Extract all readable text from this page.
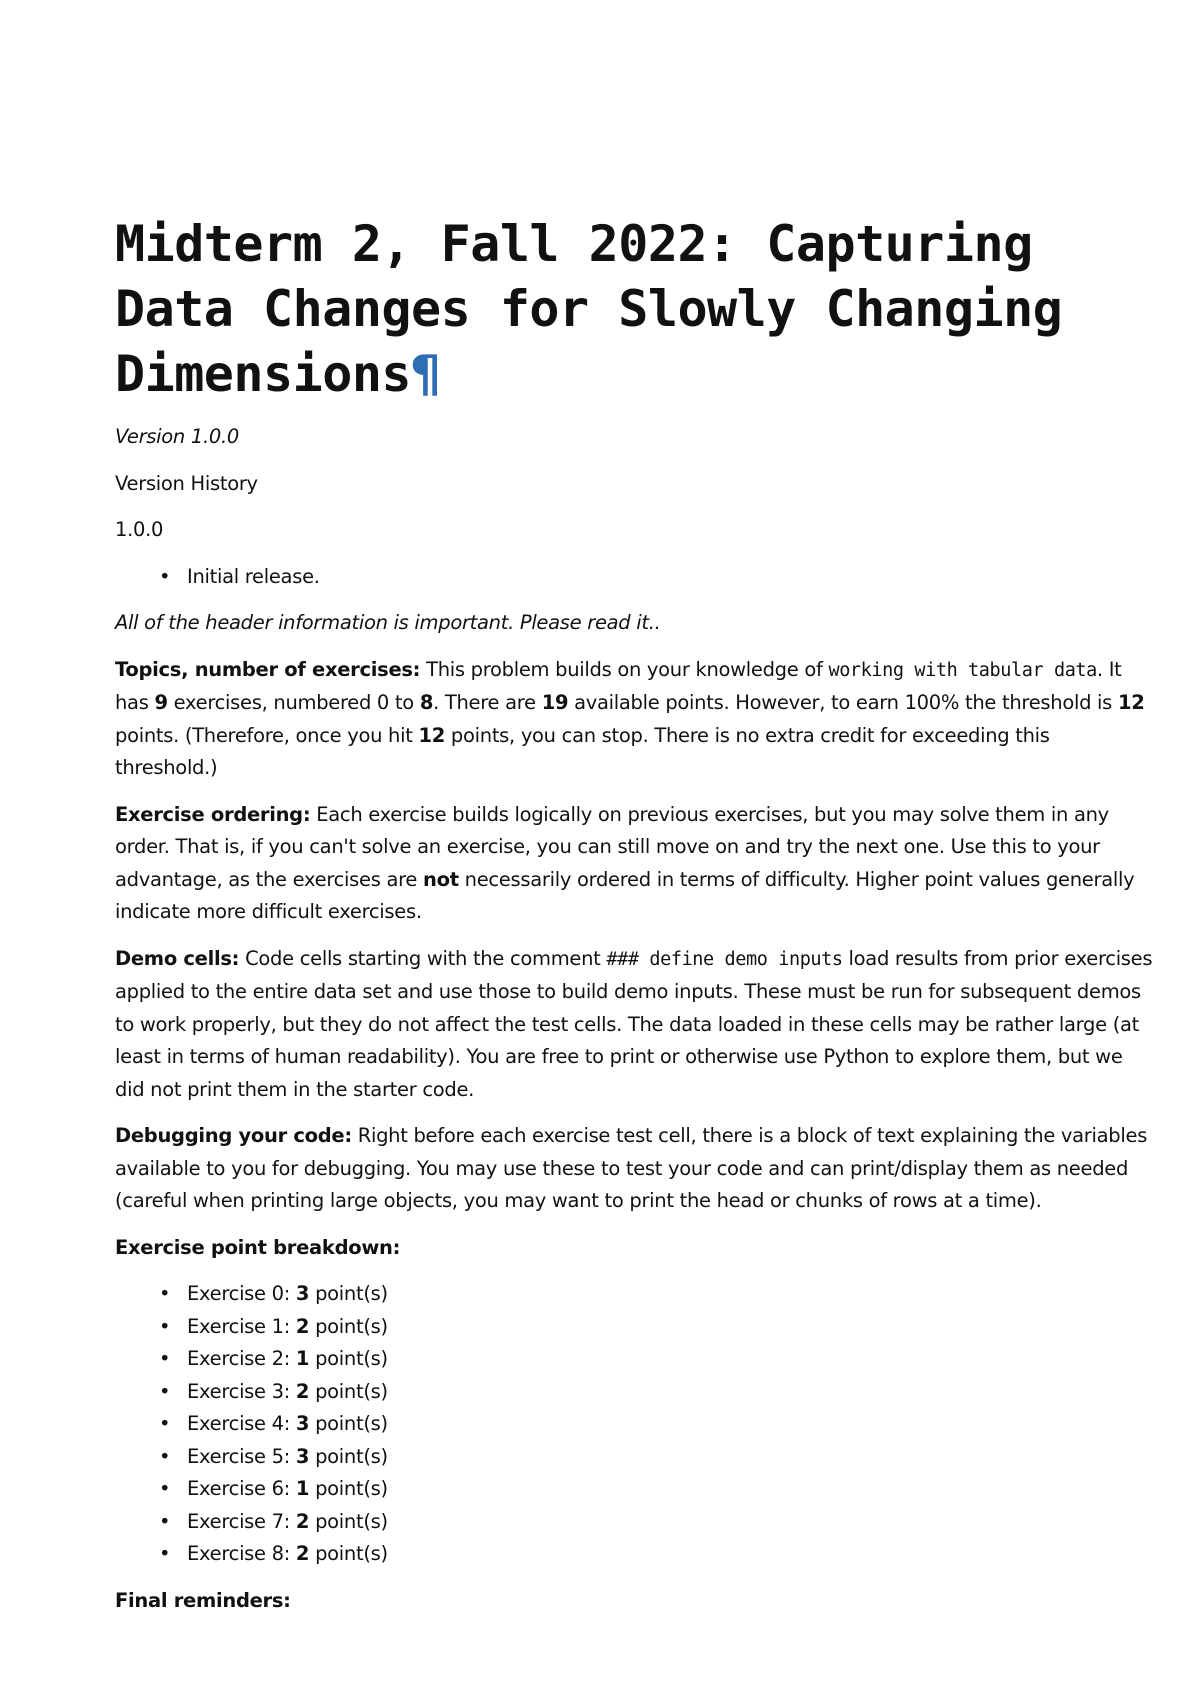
Midterm 2, Fall 2022: Capturing Data Changes for Slowly Changing Dimensions¶

Version 1.0.0

Version History

1.0.0

• Initial release.

All of the header information is important. Please read it..

Topics, number of exercises: This problem builds on your knowledge of working with tabular data. It has 9 exercises, numbered 0 to 8. There are 19 available points. However, to earn 100% the threshold is 12 points. (Therefore, once you hit 12 points, you can stop. There is no extra credit for exceeding this threshold.)

Exercise ordering: Each exercise builds logically on previous exercises, but you may solve them in any order. That is, if you can't solve an exercise, you can still move on and try the next one. Use this to your advantage, as the exercises are not necessarily ordered in terms of difficulty. Higher point values generally indicate more difficult exercises.

Demo cells: Code cells starting with the comment ### define demo inputs load results from prior exercises applied to the entire data set and use those to build demo inputs. These must be run for subsequent demos to work properly, but they do not affect the test cells. The data loaded in these cells may be rather large (at least in terms of human readability). You are free to print or otherwise use Python to explore them, but we did not print them in the starter code.

Debugging your code: Right before each exercise test cell, there is a block of text explaining the variables available to you for debugging. You may use these to test your code and can print/display them as needed (careful when printing large objects, you may want to print the head or chunks of rows at a time).

Exercise point breakdown:

• Exercise 0: 3 point(s)
• Exercise 1: 2 point(s)
• Exercise 2: 1 point(s)
• Exercise 3: 2 point(s)
• Exercise 4: 3 point(s)
• Exercise 5: 3 point(s)
• Exercise 6: 1 point(s)
• Exercise 7: 2 point(s)
• Exercise 8: 2 point(s)

Final reminders:
